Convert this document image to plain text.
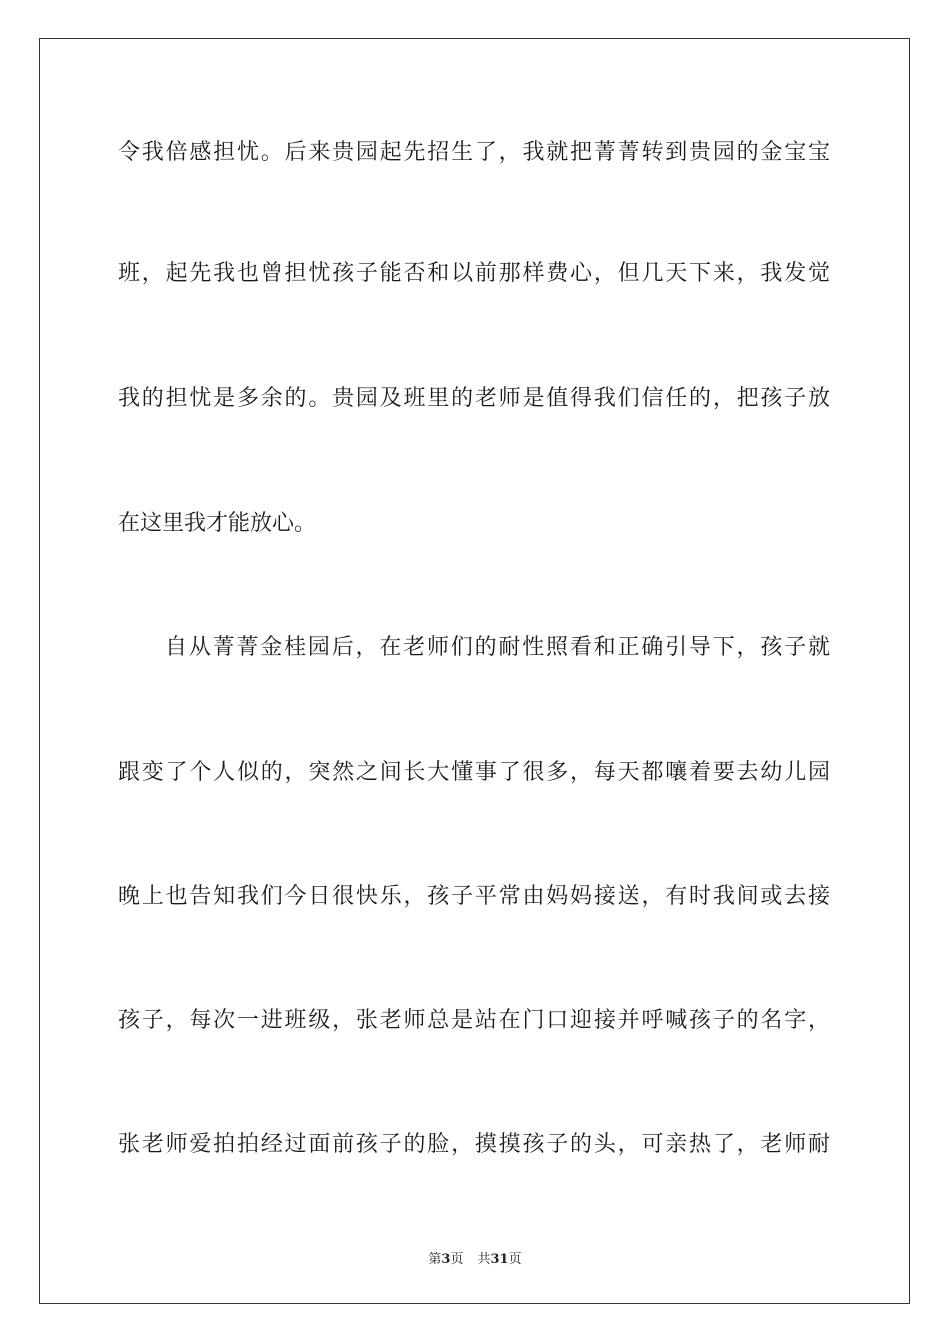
令我倍感担忧。后来贵园起先招生了，我就把菁菁转到贵园的金宝宝

班，起先我也曾担忧孩子能否和以前那样费心，但几天下来，我发觉

我的担忧是多余的。贵园及班里的老师是值得我们信任的，把孩子放

在这里我才能放心。

自从菁菁金桂园后，在老师们的耐性照看和正确引导下，孩子就

跟变了个人似的，突然之间长大懂事了很多，每天都嚷着要去幼儿园

晚上也告知我们今日很快乐，孩子平常由妈妈接送，有时我间或去接

孩子，每次一进班级，张老师总是站在门口迎接并呼喊孩子的名字，

张老师爱拍拍经过面前孩子的脸，摸摸孩子的头，可亲热了，老师耐

第3页 共31页
